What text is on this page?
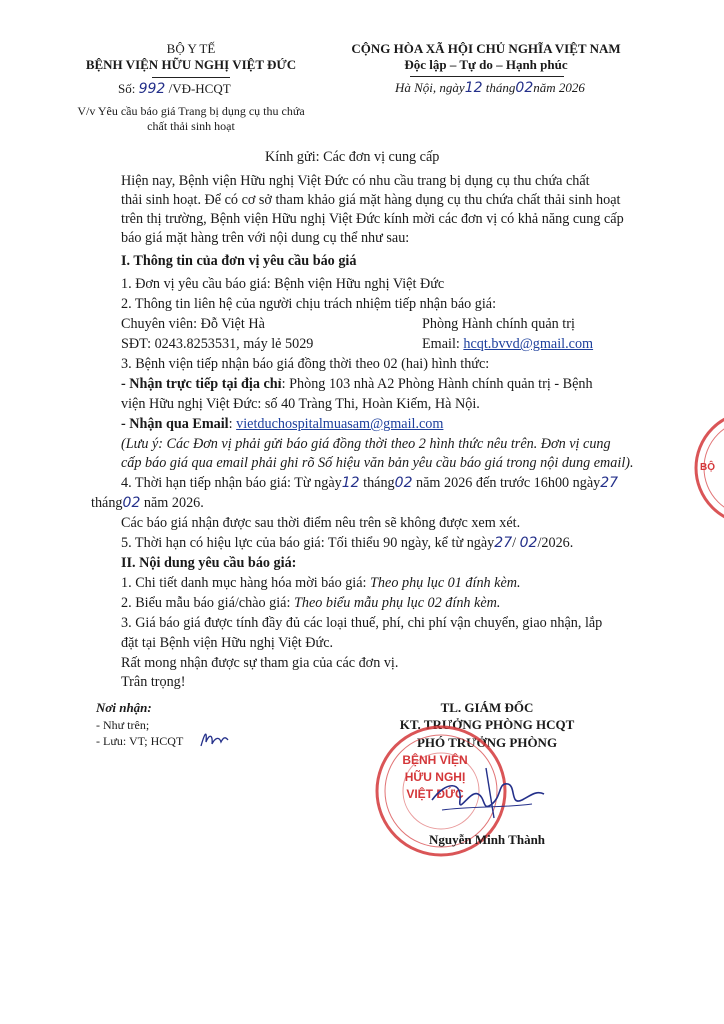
BỘ Y TẾ
BỆNH VIỆN HỮU NGHỊ VIỆT ĐỨC
Số: 992 /VĐ-HCQT
V/v Yêu cầu báo giá Trang bị dụng cụ thu chứa
chất thải sinh hoạt
CỘNG HÒA XÃ HỘI CHỦ NGHĨA VIỆT NAM
Độc lập – Tự do – Hạnh phúc
Hà Nội, ngày12 tháng02năm 2026
Kính gửi: Các đơn vị cung cấp
Hiện nay, Bệnh viện Hữu nghị Việt Đức có nhu cầu trang bị dụng cụ thu chứa chất
thải sinh hoạt. Để có cơ sở tham khảo giá mặt hàng dụng cụ thu chứa chất thải sinh hoạt
trên thị trường, Bệnh viện Hữu nghị Việt Đức kính mời các đơn vị có khả năng cung cấp
báo giá mặt hàng trên với nội dung cụ thể như sau:
I. Thông tin của đơn vị yêu cầu báo giá
1. Đơn vị yêu cầu báo giá: Bệnh viện Hữu nghị Việt Đức
2. Thông tin liên hệ của người chịu trách nhiệm tiếp nhận báo giá:
Chuyên viên: Đỗ Việt Hà	Phòng Hành chính quản trị
SĐT: 0243.8253531, máy lẻ 5029	Email: hcqt.bvvd@gmail.com
3. Bệnh viện tiếp nhận báo giá đồng thời theo 02 (hai) hình thức:
- Nhận trực tiếp tại địa chỉ: Phòng 103 nhà A2 Phòng Hành chính quản trị - Bệnh
viện Hữu nghị Việt Đức: số 40 Tràng Thi, Hoàn Kiếm, Hà Nội.
- Nhận qua Email: vietduchospitalmuasam@gmail.com
(Lưu ý: Các Đơn vị phải gửi báo giá đồng thời theo 2 hình thức nêu trên. Đơn vị cung
cấp báo giá qua email phải ghi rõ Số hiệu văn bản yêu cầu báo giá trong nội dung email).
4. Thời hạn tiếp nhận báo giá: Từ ngày12 tháng02 năm 2026 đến trước 16h00 ngày27
tháng02 năm 2026.
Các báo giá nhận được sau thời điểm nêu trên sẽ không được xem xét.
5. Thời hạn có hiệu lực của báo giá: Tối thiểu 90 ngày, kể từ ngày27/ 02/2026.
II. Nội dung yêu cầu báo giá:
1. Chi tiết danh mục hàng hóa mời báo giá: Theo phụ lục 01 đính kèm.
2. Biểu mẫu báo giá/chào giá: Theo biểu mẫu phụ lục 02 đính kèm.
3. Giá báo giá được tính đầy đủ các loại thuế, phí, chi phí vận chuyển, giao nhận, lắp
đặt tại Bệnh viện Hữu nghị Việt Đức.
Rất mong nhận được sự tham gia của các đơn vị.
Trân trọng!
Nơi nhận:
- Như trên;
- Lưu: VT; HCQT
TL. GIÁM ĐỐC
KT. TRƯỞNG PHÒNG HCQT
PHÓ TRƯỞNG PHÒNG
BỆNH VIỆN
HỮU NGHỊ
VIỆT ĐỨC
Nguyễn Minh Thành
BỘ
